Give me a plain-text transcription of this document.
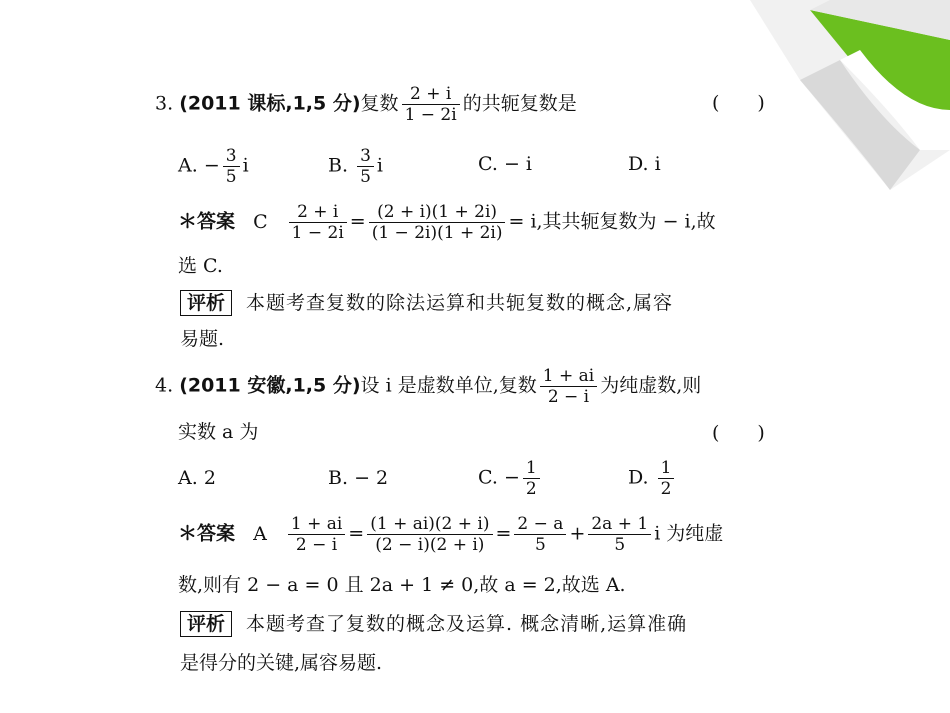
3. (2011 课标,1,5 分)复数 $\frac{2 + i}{1 - 2i}$ 的共轭复数是	(　　)
A. − $\frac{3}{5}$ i	B. $\frac{3}{5}$ i	C. − i	D. i
＊答案 C $\frac{2 + i}{1 - 2i} = \frac{(2 + i)(1 + 2i)}{(1 - 2i)(1 + 2i)} = i$,其共轭复数为 − i,故
选 C.
评析 本题考查复数的除法运算和共轭复数的概念,属容
易题.
4. (2011 安徽,1,5 分)设 i 是虚数单位,复数 $\frac{1 + ai}{2 - i}$ 为纯虚数,则
实数 a 为	(　　)
A. 2	B. − 2	C. − $\frac{1}{2}$	D. $\frac{1}{2}$
＊答案 A $\frac{1 + ai}{2 - i} = \frac{(1 + ai)(2 + i)}{(2 - i)(2 + i)} = \frac{2 - a}{5} + \frac{2a + 1}{5}$ i 为纯虚
数,则有 2 − a = 0 且 2a + 1 ≠ 0,故 a = 2,故选 A.
评析 本题考查了复数的概念及运算. 概念清晰,运算准确
是得分的关键,属容易题.
